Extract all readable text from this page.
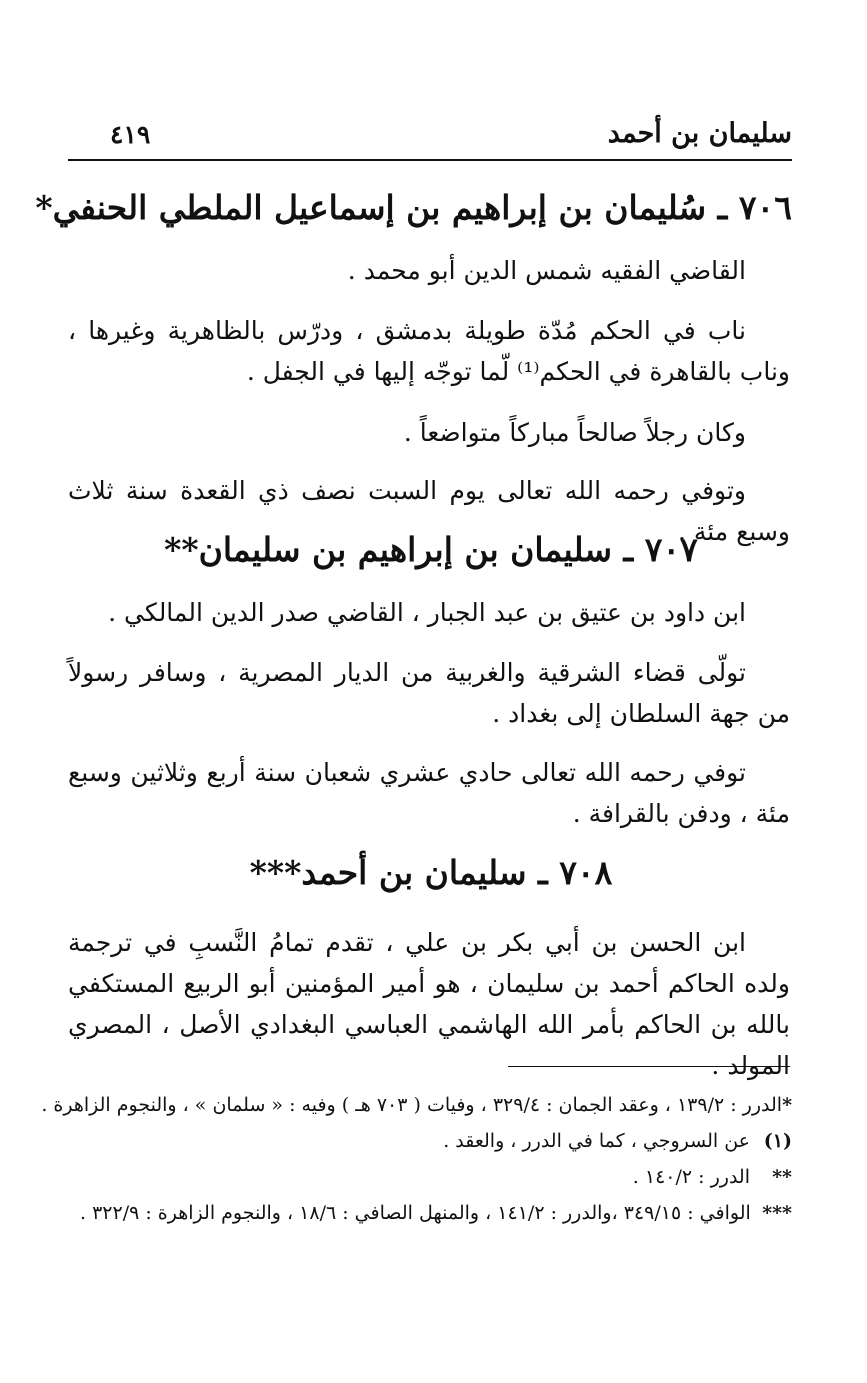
سليمان بن أحمد
٤١٩
٧٠٦ ـ سُليمان بن إبراهيم بن إسماعيل الملطي الحنفي*
القاضي الفقيه شمس الدين أبو محمد .
ناب في الحكم مُدّة طويلة بدمشق ، ودرّس بالظاهرية وغيرها ، وناب بالقاهرة في الحكم⁽¹⁾ لّما توجّه إليها في الجفل .
وكان رجلاً صالحاً مباركاً متواضعاً .
وتوفي رحمه الله تعالى يوم السبت نصف ذي القعدة سنة ثلاث وسبع مئة .
٧٠٧ ـ سليمان بن إبراهيم بن سليمان**
ابن داود بن عتيق بن عبد الجبار ، القاضي صدر الدين المالكي .
تولّى قضاء الشرقية والغربية من الديار المصرية ، وسافر رسولاً من جهة السلطان إلى بغداد .
توفي رحمه الله تعالى حادي عشري شعبان سنة أربع وثلاثين وسبع مئة ، ودفن بالقرافة .
٧٠٨ ـ سليمان بن أحمد***
ابن الحسن بن أبي بكر بن علي ، تقدم تمامُ النَّسبِ في ترجمة ولده الحاكم أحمد بن سليمان ، هو أمير المؤمنين أبو الربيع المستكفي بالله بن الحاكم بأمر الله الهاشمي العباسي البغدادي الأصل ، المصري المولد .
*
الدرر : ١٣٩/٢ ، وعقد الجمان : ٣٢٩/٤ ، وفيات ( ٧٠٣ هـ ) وفيه : « سلمان » ، والنجوم الزاهرة .
(١)
عن السروجي ، كما في الدرر ، والعقد .
**
الدرر : ١٤٠/٢ .
***
الوافي : ٣٤٩/١٥ ،والدرر : ١٤١/٢ ، والمنهل الصافي : ١٨/٦ ، والنجوم الزاهرة : ٣٢٢/٩ .
